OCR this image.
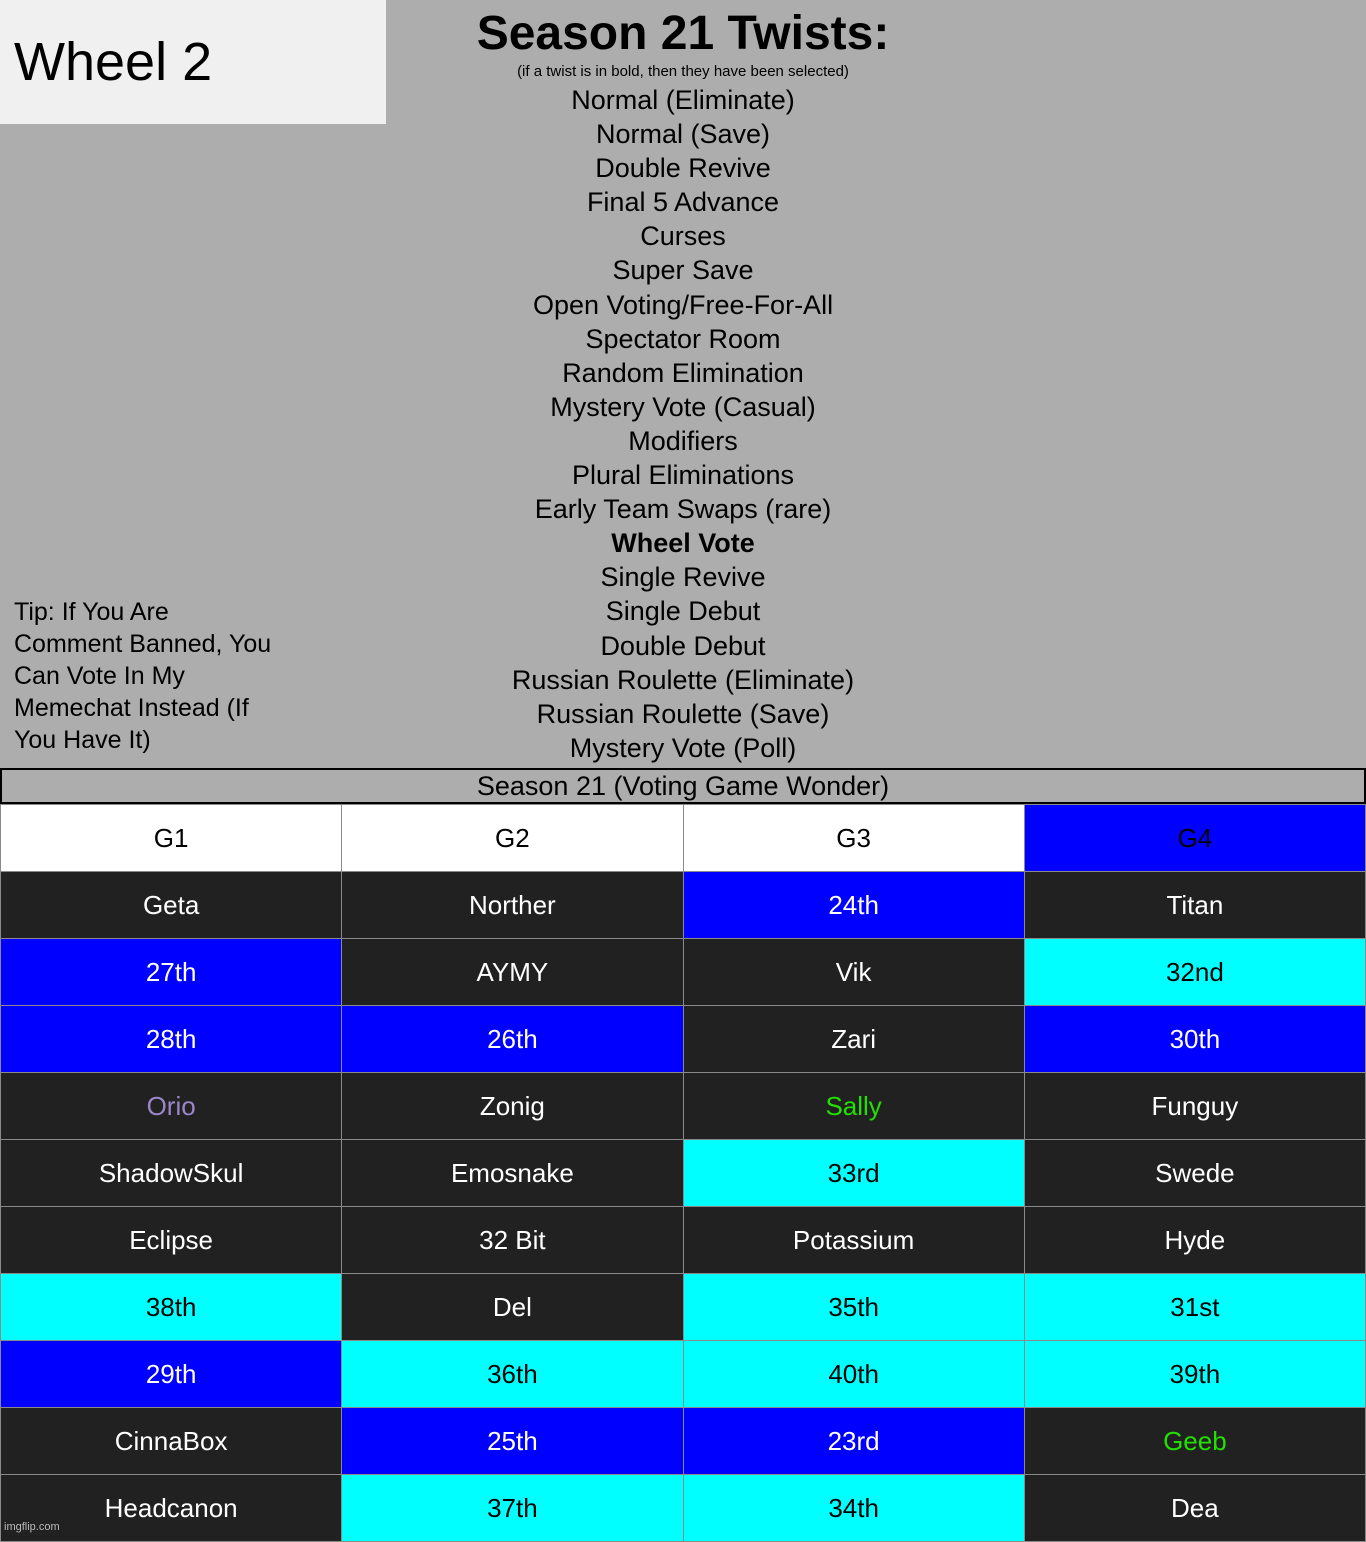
Wheel 2	Season 21 Twists:
(if a twist is in bold, then they have been selected)
Normal (Eliminate)
Normal (Save)
Double Revive
Final 5 Advance
Curses
Super Save
Open Voting/Free-For-All
Spectator Room
Random Elimination
Mystery Vote (Casual)
Modifiers
Plural Eliminations
Early Team Swaps (rare)
Wheel Vote
Single Revive
Single Debut
Double Debut
Russian Roulette (Eliminate)
Russian Roulette (Save)
Mystery Vote (Poll)
Tip: If You Are Comment Banned, You Can Vote In My Memechat Instead (If You Have It)
Season 21 (Voting Game Wonder)
G1	G2	G3	G4
Geta	Norther	24th	Titan
27th	AYMY	Vik	32nd
28th	26th	Zari	30th
Orio	Zonig	Sally	Funguy
ShadowSkul	Emosnake	33rd	Swede
Eclipse	32 Bit	Potassium	Hyde
38th	Del	35th	31st
29th	36th	40th	39th
CinnaBox	25th	23rd	Geeb
Headcanon	37th	34th	Dea
imgflip.com
